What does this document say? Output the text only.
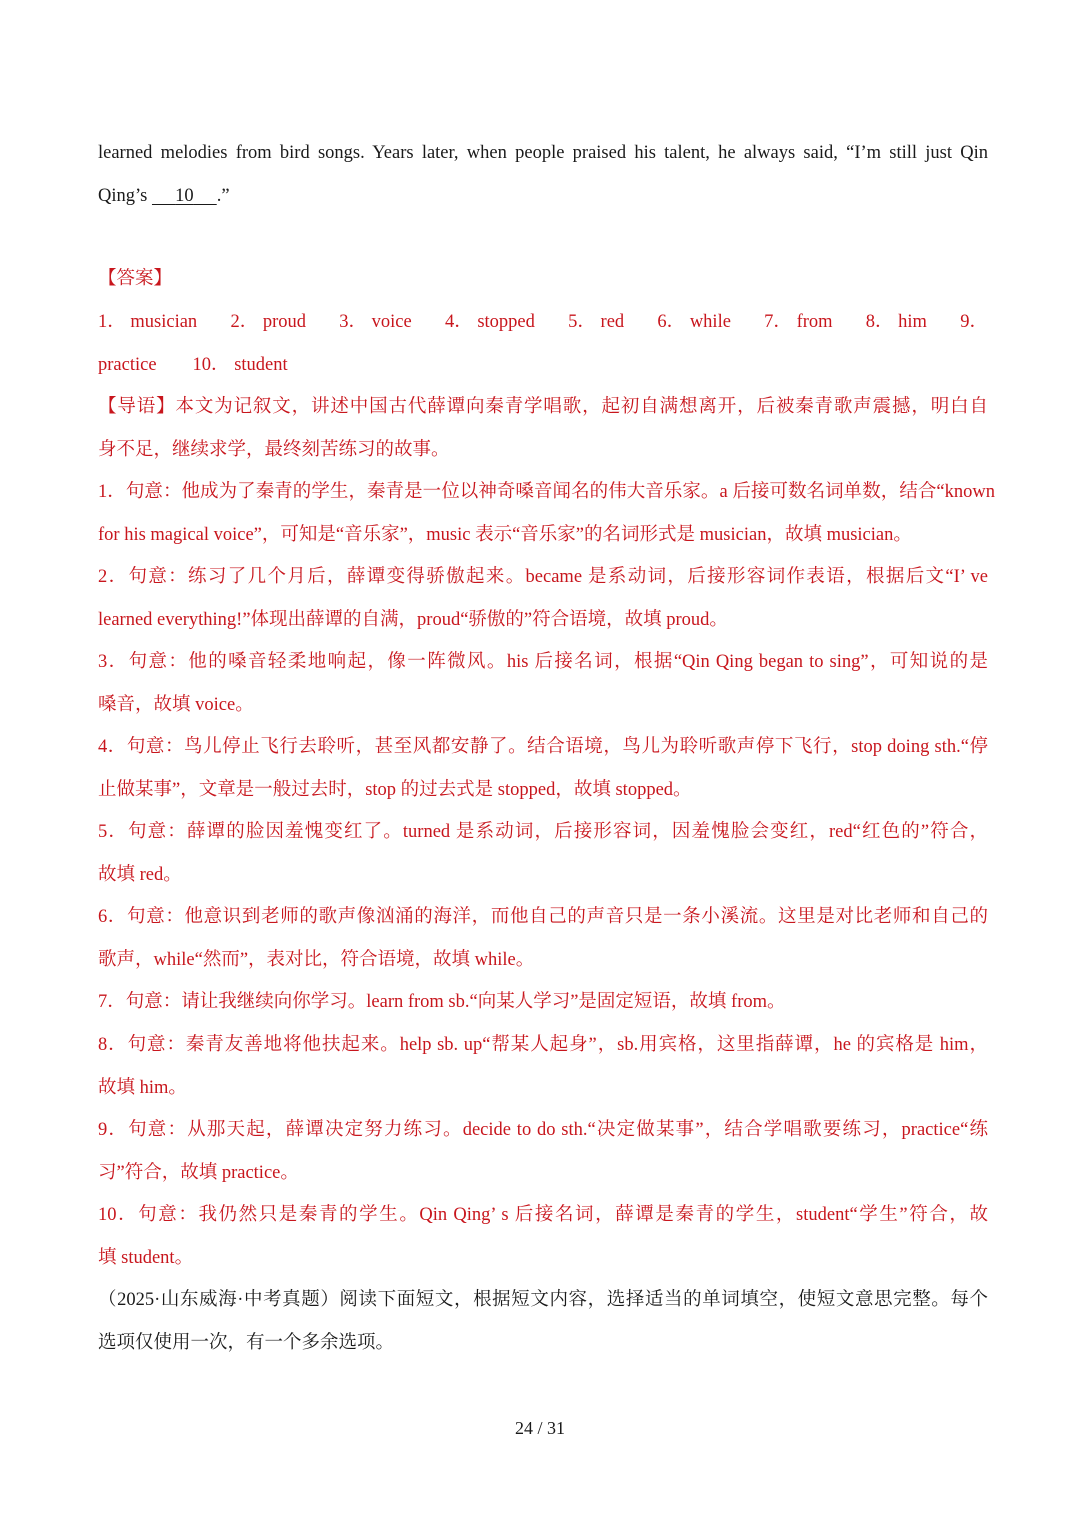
learned melodies from bird songs. Years later, when people praised his talent, he always said, “I’m still just Qin
Qing’s 10 .”
【答案】
1． musician 2． proud 3． voice 4． stopped 5． red 6． while 7． from 8． him 9．
practice 10． student
【导语】本文为记叙文，讲述中国古代薛谭向秦青学唱歌，起初自满想离开，后被秦青歌声震撼，明白自
身不足，继续求学，最终刻苦练习的故事。
1．句意：他成为了秦青的学生，秦青是一位以神奇嗓音闻名的伟大音乐家。a 后接可数名词单数，结合“known
for his magical voice”，可知是“音乐家”，music 表示“音乐家”的名词形式是 musician，故填 musician。
2．句意：练习了几个月后，薛谭变得骄傲起来。became 是系动词，后接形容词作表语，根据后文“I’ ve
learned everything!”体现出薛谭的自满，proud“骄傲的”符合语境，故填 proud。
3．句意：他的嗓音轻柔地响起，像一阵微风。his 后接名词，根据“Qin Qing began to sing”，可知说的是
嗓音，故填 voice。
4．句意：鸟儿停止飞行去聆听，甚至风都安静了。结合语境，鸟儿为聆听歌声停下飞行，stop doing sth.“停
止做某事”，文章是一般过去时，stop 的过去式是 stopped，故填 stopped。
5．句意：薛谭的脸因羞愧变红了。turned 是系动词，后接形容词，因羞愧脸会变红，red“红色的”符合，
故填 red。
6．句意：他意识到老师的歌声像汹涌的海洋，而他自己的声音只是一条小溪流。这里是对比老师和自己的
歌声，while“然而”，表对比，符合语境，故填 while。
7．句意：请让我继续向你学习。learn from sb.“向某人学习”是固定短语，故填 from。
8．句意：秦青友善地将他扶起来。help sb. up“帮某人起身”，sb.用宾格，这里指薛谭，he 的宾格是 him，
故填 him。
9．句意：从那天起，薛谭决定努力练习。decide to do sth.“决定做某事”，结合学唱歌要练习，practice“练
习”符合，故填 practice。
10．句意：我仍然只是秦青的学生。Qin Qing’ s 后接名词，薛谭是秦青的学生，student“学生”符合，故
填 student。
（2025·山东威海·中考真题）阅读下面短文，根据短文内容，选择适当的单词填空，使短文意思完整。每个
选项仅使用一次，有一个多余选项。
24 / 31
